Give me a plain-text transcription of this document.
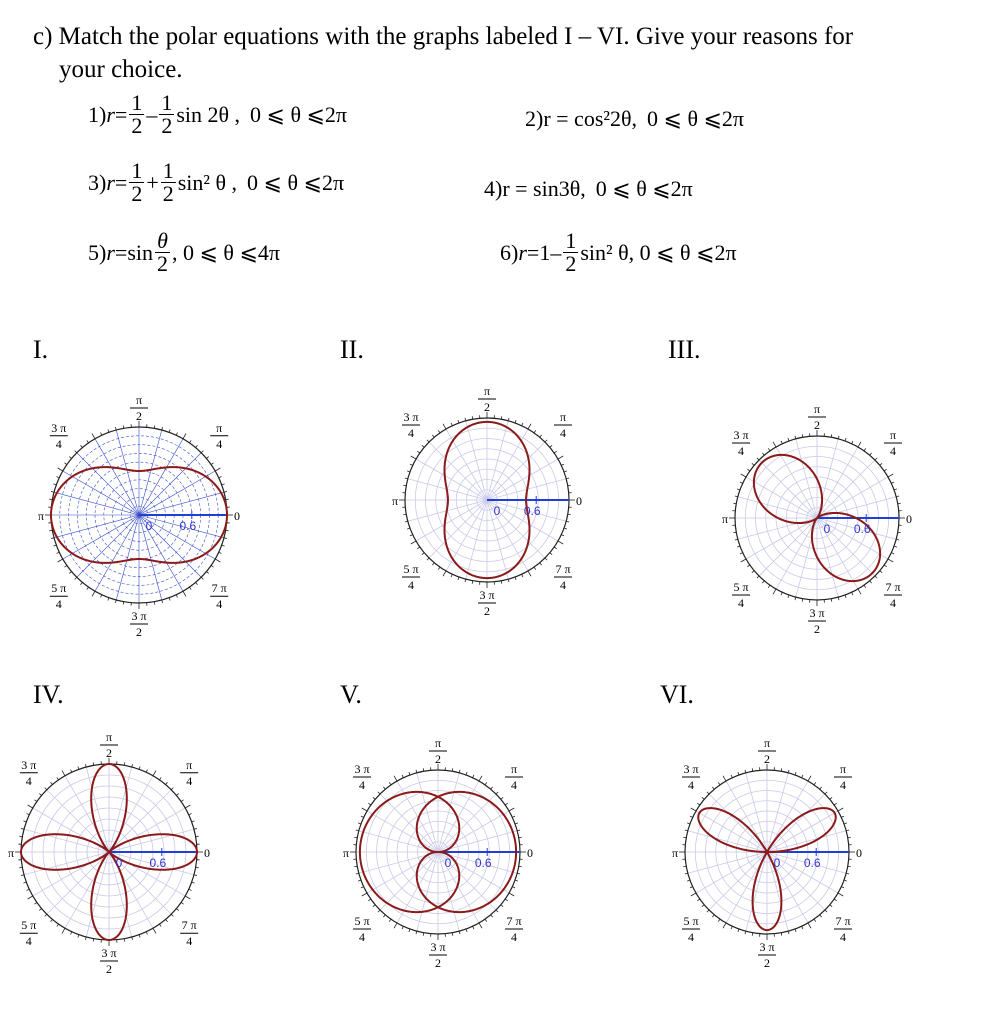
c) Match the polar equations with the graphs labeled I – VI. Give your reasons for
your choice.
1) $r = \frac{1}{2} - \frac{1}{2}$ sin 2θ , 0 ⩽ θ ⩽2π	2) r = cos²2θ, 0 ⩽ θ ⩽2π
3) $r = \frac{1}{2} + \frac{1}{2} \sin^2$ θ , 0 ⩽ θ ⩽2π	4) r = sin3θ, 0 ⩽ θ ⩽2π
5) $r = \sin \frac{\theta}{2}$ , 0 ⩽ θ ⩽4π	6) $r = 1- \frac{1}{2} \sin^2$ θ , 0 ⩽ θ ⩽2π
I.	II.	III.
IV.	V.	VI.
0
π
0 0.6
π
2
3 π
2
π
4
3 π
4
5 π
4
7 π
4
0
π
0 0.6
π
2
3 π
2
π
4
3 π
4
5 π
4
7 π
4
0
π
0 0.6
π
2
3 π
2
π
4
3 π
4
5 π
4
7 π
4
0
π
0 0.6
π
2
3 π
2
π
4
3 π
4
5 π
4
7 π
4
0
π
0 0.6
π
2
3 π
2
π
4
3 π
4
5 π
4
7 π
4
0
π
0 0.6
π
2
3 π
2
π
4
3 π
4
5 π
4
7 π
4
